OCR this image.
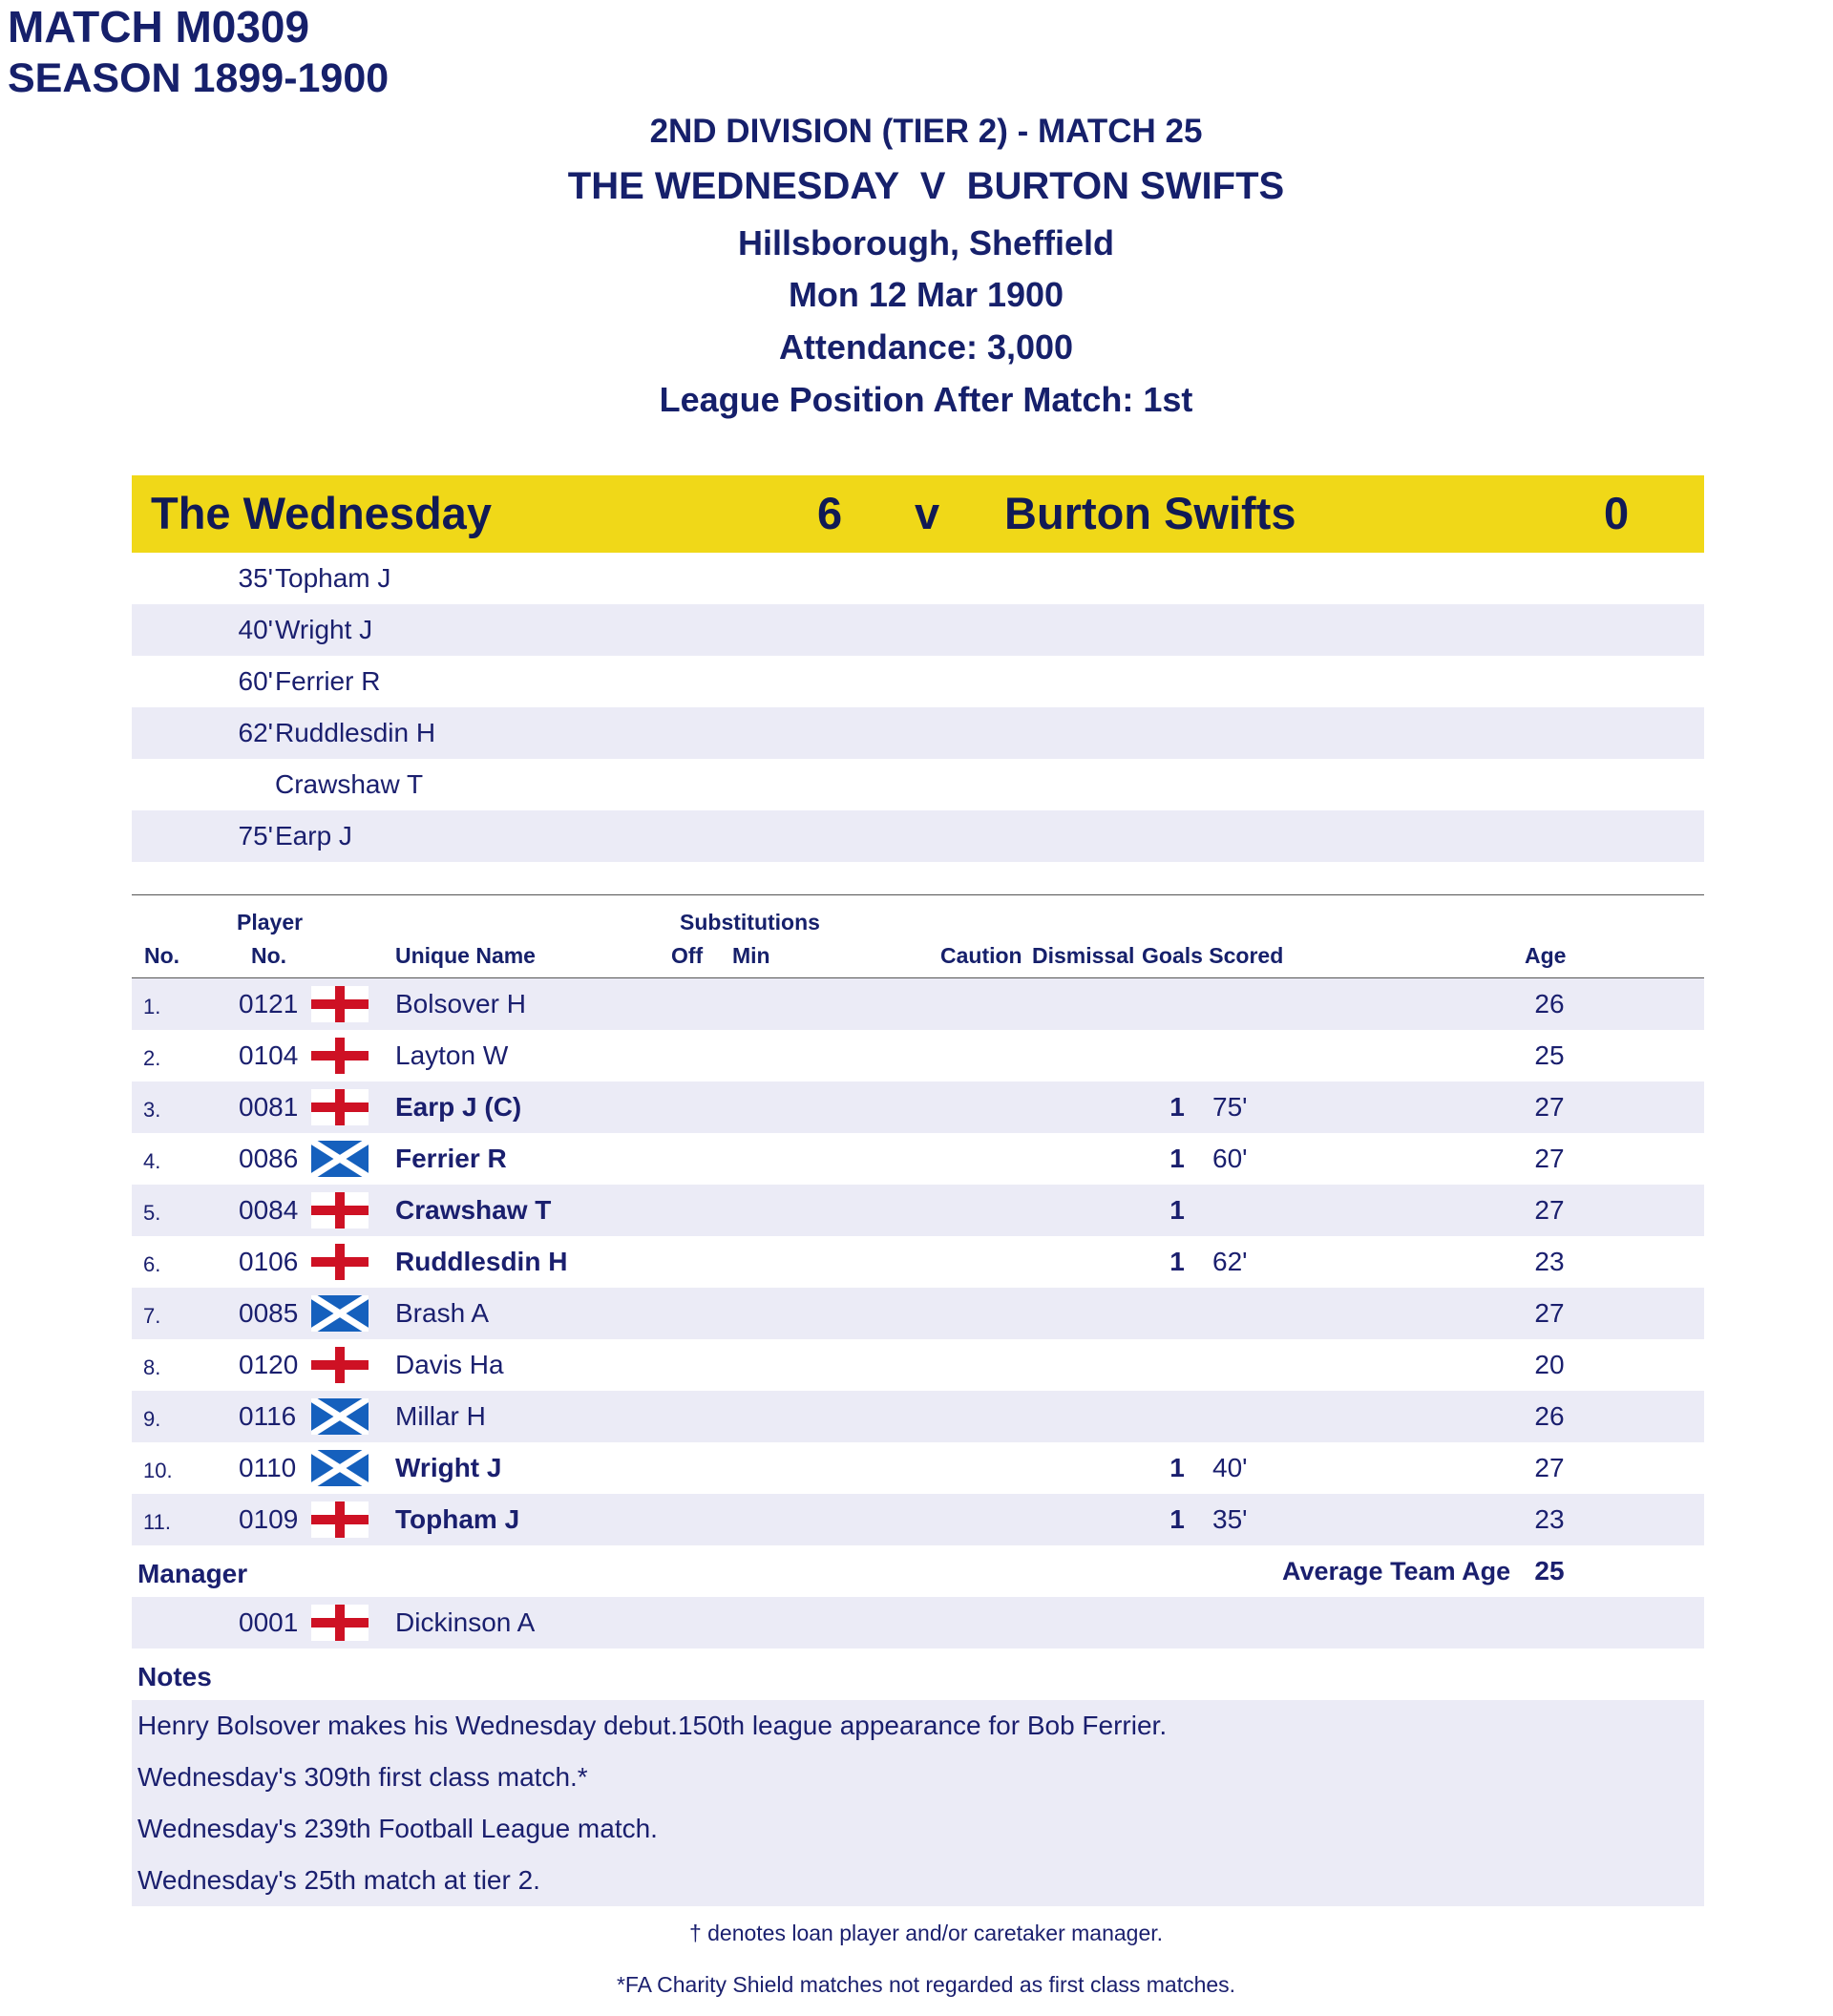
MATCH M0309
SEASON 1899-1900
2ND DIVISION (TIER 2) - MATCH 25
THE WEDNESDAY  V  BURTON SWIFTS
Hillsborough, Sheffield
Mon 12 Mar 1900
Attendance: 3,000
League Position After Match: 1st
The Wednesday	6 v Burton Swifts	0
35' Topham J
40' Wright J
60' Ferrier R
62' Ruddlesdin H
Crawshaw T
75' Earp J
Player	Substitutions
No.	No.	Unique Name	Off Min	Caution Dismissal Goals Scored	Age
1.	0121	Bolsover H	26
2.	0104	Layton W	25
3.	0081	Earp J (C)	1 75'	27
4.	0086	Ferrier R	1 60'	27
5.	0084	Crawshaw T	1	27
6.	0106	Ruddlesdin H	1 62'	23
7.	0085	Brash A	27
8.	0120	Davis Ha	20
9.	0116	Millar H	26
10. 0110	Wright J	1 40'	27
11.	0109	Topham J	1 35'	23
Manager	Average Team Age 25
0001	Dickinson A
Notes
Henry Bolsover makes his Wednesday debut.150th league appearance for Bob Ferrier.
Wednesday's 309th first class match.*
Wednesday's 239th Football League match.
Wednesday's 25th match at tier 2.
† denotes loan player and/or caretaker manager.
*FA Charity Shield matches not regarded as first class matches.
